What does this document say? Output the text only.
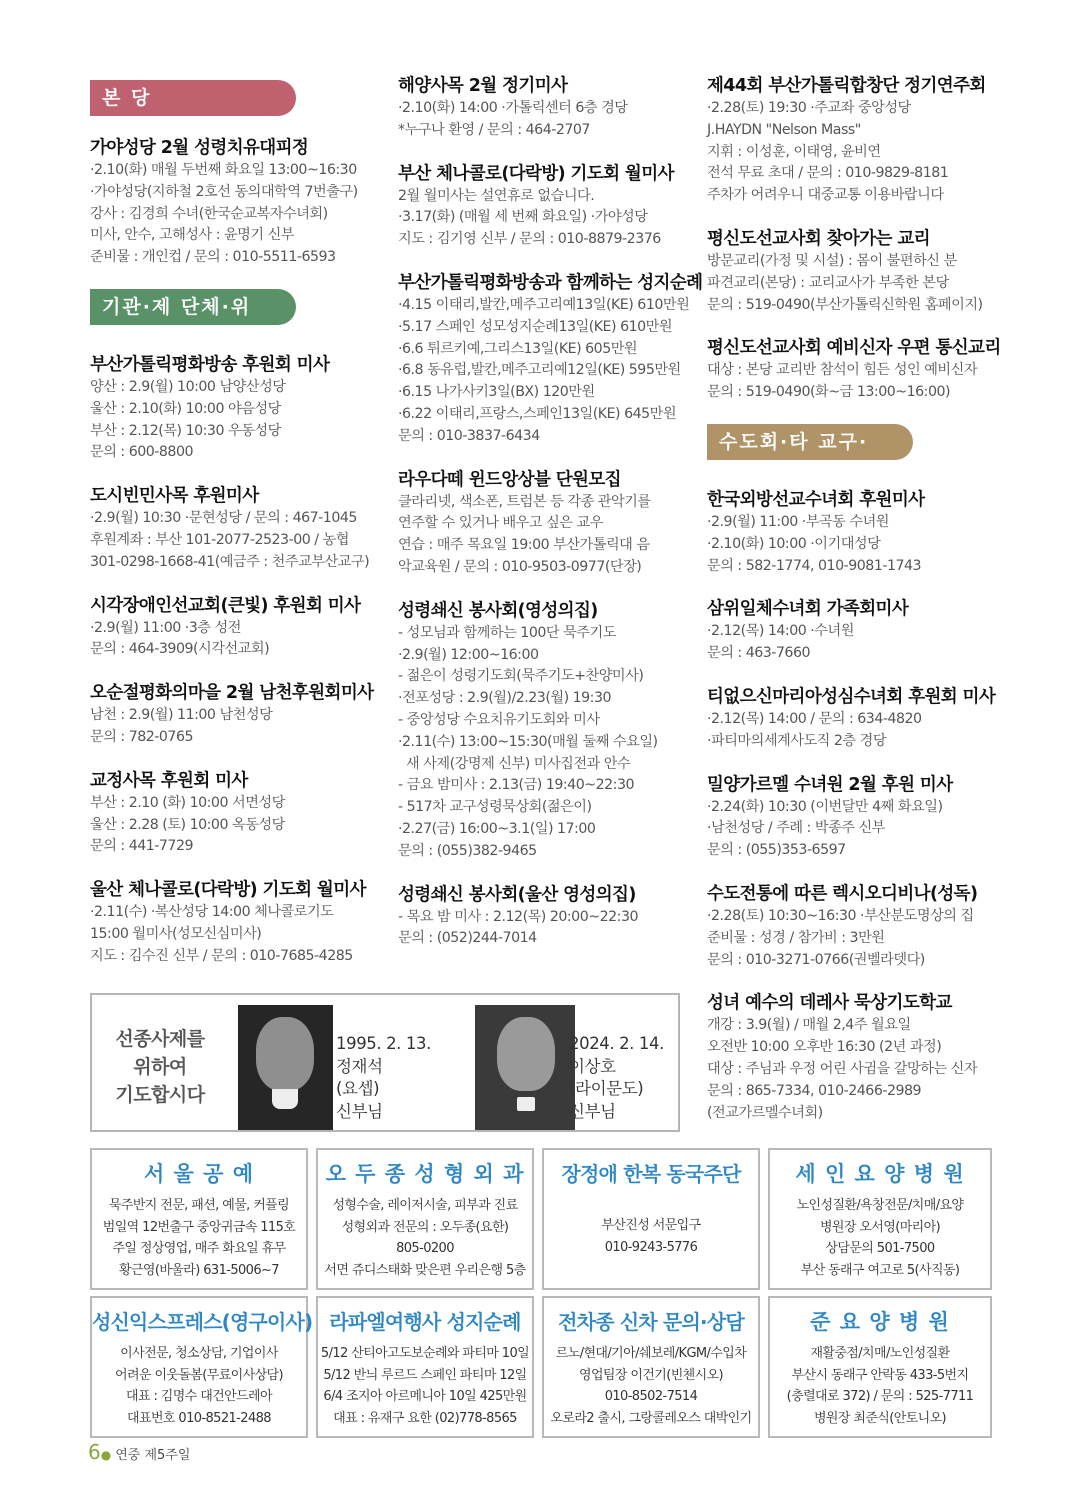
본 당
가야성당 2월 성령치유대피정
·2.10(화) 매월 두번째 화요일 13:00~16:30
·가야성당(지하철 2호선 동의대학역 7번출구)
강사 : 김경희 수녀(한국순교복자수녀회)
미사, 안수, 고해성사 : 윤명기 신부
준비물 : 개인컵 / 문의 : 010-5511-6593
기관·제 단체·위원회
부산가톨릭평화방송 후원회 미사
양산 : 2.9(월) 10:00 남양산성당
울산 : 2.10(화) 10:00 야음성당
부산 : 2.12(목) 10:30 우동성당
문의 : 600-8800
도시빈민사목 후원미사
·2.9(월) 10:30 ·문현성당 / 문의 : 467-1045
후원계좌 : 부산 101-2077-2523-00 / 농협
301-0298-1668-41(예금주 : 천주교부산교구)
시각장애인선교회(큰빛) 후원회 미사
·2.9(월) 11:00 ·3층 성전
문의 : 464-3909(시각선교회)
오순절평화의마을 2월 남천후원회미사
남천 : 2.9(월) 11:00 남천성당
문의 : 782-0765
교정사목 후원회 미사
부산 : 2.10 (화) 10:00 서면성당
울산 : 2.28 (토) 10:00 옥동성당
문의 : 441-7729
울산 체나콜로(다락방) 기도회 월미사
·2.11(수) ·복산성당 14:00 체나콜로기도
15:00 월미사(성모신심미사)
지도 : 김수진 신부 / 문의 : 010-7685-4285
해양사목 2월 정기미사
·2.10(화) 14:00 ·가톨릭센터 6층 경당
*누구나 환영 / 문의 : 464-2707
부산 체나콜로(다락방) 기도회 월미사
2월 월미사는 설연휴로 없습니다.
·3.17(화) (매월 세 번째 화요일) ·가야성당
지도 : 김기영 신부 / 문의 : 010-8879-2376
부산가톨릭평화방송과 함께하는 성지순례
·4.15 이태리,발칸,메주고리예13일(KE) 610만원
·5.17 스페인 성모성지순례13일(KE) 610만원
·6.6 튀르키예,그리스13일(KE) 605만원
·6.8 동유럽,발칸,메주고리예12일(KE) 595만원
·6.15 나가사키3일(BX) 120만원
·6.22 이태리,프랑스,스페인13일(KE) 645만원
문의 : 010-3837-6434
라우다떼 윈드앙상블 단원모집
클라리넷, 색소폰, 트럼본 등 각종 관악기를
연주할 수 있거나 배우고 싶은 교우
연습 : 매주 목요일 19:00 부산가톨릭대 음
악교육원 / 문의 : 010-9503-0977(단장)
성령쇄신 봉사회(영성의집)
- 성모님과 함께하는 100단 묵주기도
·2.9(월) 12:00~16:00
- 젊은이 성령기도회(묵주기도+찬양미사)
·전포성당 : 2.9(월)/2.23(월) 19:30
- 중앙성당 수요치유기도회와 미사
·2.11(수) 13:00~15:30(매월 둘째 수요일)
새 사제(강명제 신부) 미사집전과 안수
- 금요 밤미사 : 2.13(금) 19:40~22:30
- 517차 교구성령묵상회(젊은이)
·2.27(금) 16:00~3.1(일) 17:00
문의 : (055)382-9465
성령쇄신 봉사회(울산 영성의집)
- 목요 밤 미사 : 2.12(목) 20:00~22:30
문의 : (052)244-7014
제44회 부산가톨릭합창단 정기연주회
·2.28(토) 19:30 ·주교좌 중앙성당
J.HAYDN "Nelson Mass"
지휘 : 이성훈, 이태영, 윤비연
전석 무료 초대 / 문의 : 010-9829-8181
주차가 어려우니 대중교통 이용바랍니다
평신도선교사회 찾아가는 교리
방문교리(가정 및 시설) : 몸이 불편하신 분
파견교리(본당) : 교리교사가 부족한 본당
문의 : 519-0490(부산가톨릭신학원 홈페이지)
평신도선교사회 예비신자 우편 통신교리
대상 : 본당 교리반 참석이 힘든 성인 예비신자
문의 : 519-0490(화~금 13:00~16:00)
수도회·타 교구·기타
한국외방선교수녀회 후원미사
·2.9(월) 11:00 ·부곡동 수녀원
·2.10(화) 10:00 ·이기대성당
문의 : 582-1774, 010-9081-1743
삼위일체수녀회 가족회미사
·2.12(목) 14:00 ·수녀원
문의 : 463-7660
티없으신마리아성심수녀회 후원회 미사
·2.12(목) 14:00 / 문의 : 634-4820
·파티마의세계사도직 2층 경당
밀양가르멜 수녀원 2월 후원 미사
·2.24(화) 10:30 (이번달만 4째 화요일)
·남천성당 / 주례 : 박종주 신부
문의 : (055)353-6597
수도전통에 따른 렉시오디비나(성독)
·2.28(토) 10:30~16:30 ·부산분도명상의 집
준비물 : 성경 / 참가비 : 3만원
문의 : 010-3271-0766(권벨라뎃다)
성녀 예수의 데레사 묵상기도학교
개강 : 3.9(월) / 매월 2,4주 월요일
오전반 10:00 오후반 16:30 (2년 과정)
대상 : 주님과 우정 어린 사귐을 갈망하는 신자
문의 : 865-7334, 010-2466-2989
(전교가르멜수녀회)
선종사제를
위하여
기도합시다
1995. 2. 13.
정재석
(요셉)
신부님
2024. 2. 14.
이상호
(라이문도)
신부님
서 울 공 예
묵주반지 전문, 패션, 예물, 커플링
범일역 12번출구 중앙귀금속 115호
주일 정상영업, 매주 화요일 휴무
황근영(바울라) 631-5006~7
오 두 종 성 형 외 과
성형수술, 레이저시술, 피부과 진료
성형외과 전문의 : 오두종(요한)
805-0200
서면 쥬디스태화 맞은편 우리은행 5층
장정애 한복 동국주단
부산진성 서문입구
010-9243-5776
세 인 요 양 병 원
노인성질환/욕창전문/치매/요양
병원장 오서영(마리아)
상담문의 501-7500
부산 동래구 여고로 5(사직동)
성신익스프레스(영구이사)
이사전문, 청소상담, 기업이사
어려운 이웃돌봄(무료이사상담)
대표 : 김명수 대건안드레아
대표번호 010-8521-2488
라파엘여행사 성지순례
5/12 산티아고도보순례와 파티마 10일
5/12 반늬 루르드 스페인 파티마 12일
6/4 조지아 아르메니아 10일 425만원
대표 : 유재구 요한 (02)778-8565
전차종 신차 문의·상담
르노/현대/기아/쉐보레/KGM/수입차
영업팀장 이건기(빈첸시오)
010-8502-7514
오로라2 출시, 그랑콜레오스 대박인기
준 요 양 병 원
재활중점/치매/노인성질환
부산시 동래구 안락동 433-5번지
(충렬대로 372) / 문의 : 525-7711
병원장 최준식(안토니오)
6● 연중 제5주일
